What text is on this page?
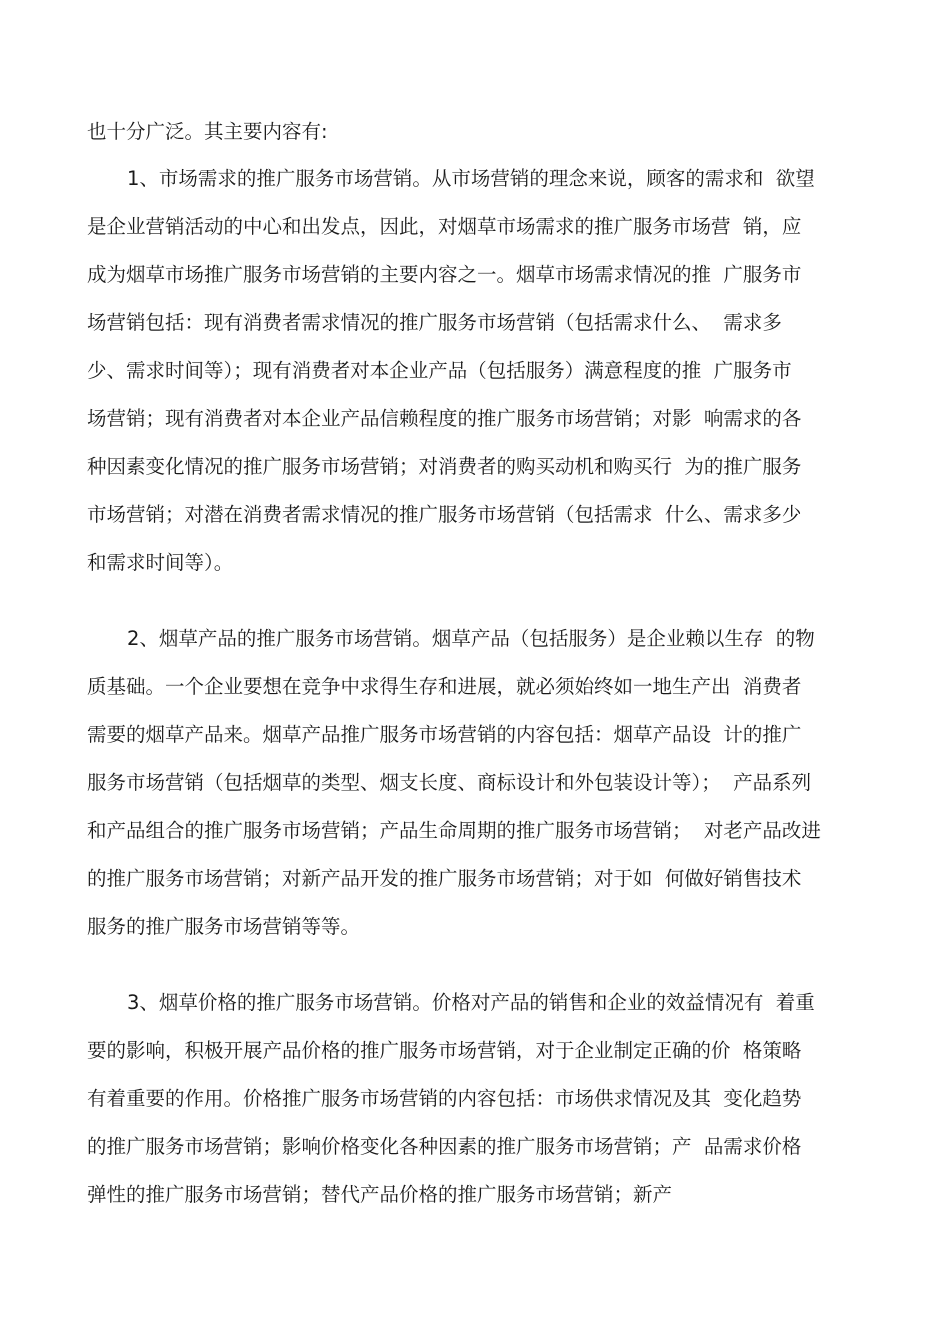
也十分广泛。其主要内容有:
1、市场需求的推广服务市场营销。从市场营销的理念来说，顾客的需求和  欲望
是企业营销活动的中心和出发点，因此，对烟草市场需求的推广服务市场营  销，应
成为烟草市场推广服务市场营销的主要内容之一。烟草市场需求情况的推  广服务市
场营销包括：现有消费者需求情况的推广服务市场营销（包括需求什么、  需求多
少、需求时间等）；现有消费者对本企业产品（包括服务）满意程度的推  广服务市
场营销；现有消费者对本企业产品信赖程度的推广服务市场营销；对影  响需求的各
种因素变化情况的推广服务市场营销；对消费者的购买动机和购买行  为的推广服务
市场营销；对潜在消费者需求情况的推广服务市场营销（包括需求  什么、需求多少
和需求时间等）。
2、烟草产品的推广服务市场营销。烟草产品（包括服务）是企业赖以生存  的物
质基础。一个企业要想在竞争中求得生存和进展，就必须始终如一地生产出  消费者
需要的烟草产品来。烟草产品推广服务市场营销的内容包括：烟草产品设  计的推广
服务市场营销（包括烟草的类型、烟支长度、商标设计和外包装设计等）；  产品系列
和产品组合的推广服务市场营销；产品生命周期的推广服务市场营销；  对老产品改进
的推广服务市场营销；对新产品开发的推广服务市场营销；对于如  何做好销售技术
服务的推广服务市场营销等等。
3、烟草价格的推广服务市场营销。价格对产品的销售和企业的效益情况有  着重
要的影响，积极开展产品价格的推广服务市场营销，对于企业制定正确的价  格策略
有着重要的作用。价格推广服务市场营销的内容包括：市场供求情况及其  变化趋势
的推广服务市场营销；影响价格变化各种因素的推广服务市场营销；产  品需求价格
弹性的推广服务市场营销；替代产品价格的推广服务市场营销；新产
